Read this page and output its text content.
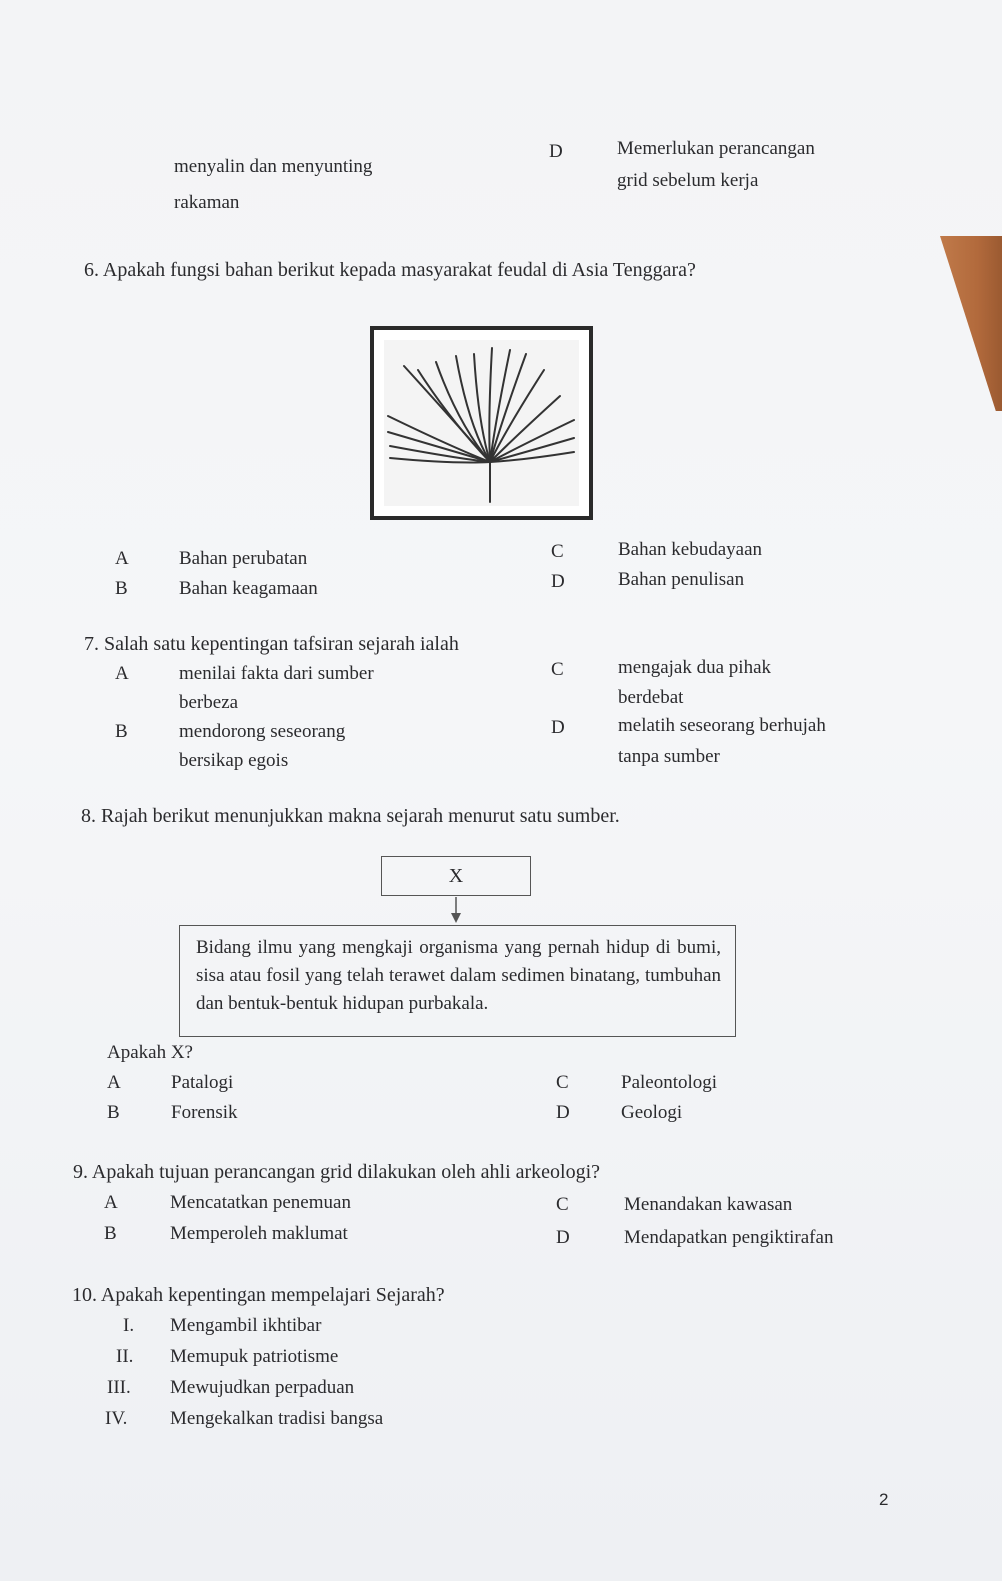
menyalin dan menyunting
rakaman
D	Memerlukan perancangan
grid sebelum kerja
6. Apakah fungsi bahan berikut kepada masyarakat feudal di Asia Tenggara?
A	Bahan perubatan
B	Bahan keagamaan
C	Bahan kebudayaan
D	Bahan penulisan
7. Salah satu kepentingan tafsiran sejarah ialah
A	menilai fakta dari sumber
berbeza
B	mendorong seseorang
bersikap egois
C	mengajak dua pihak
berdebat
D	melatih seseorang berhujah
tanpa sumber
8. Rajah berikut menunjukkan makna sejarah menurut satu sumber.
X
Bidang ilmu yang mengkaji organisma yang pernah hidup di bumi, sisa atau fosil yang telah terawet dalam sedimen binatang, tumbuhan dan bentuk-bentuk hidupan purbakala.
Apakah X?
A	Patalogi
B	Forensik
C	Paleontologi
D	Geologi
9. Apakah tujuan perancangan grid dilakukan oleh ahli arkeologi?
A	Mencatatkan penemuan
B	Memperoleh maklumat
C	Menandakan kawasan
D	Mendapatkan pengiktirafan
10. Apakah kepentingan mempelajari Sejarah?
I. Mengambil ikhtibar
II. Memupuk patriotisme
III. Mewujudkan perpaduan
IV. Mengekalkan tradisi bangsa
2
